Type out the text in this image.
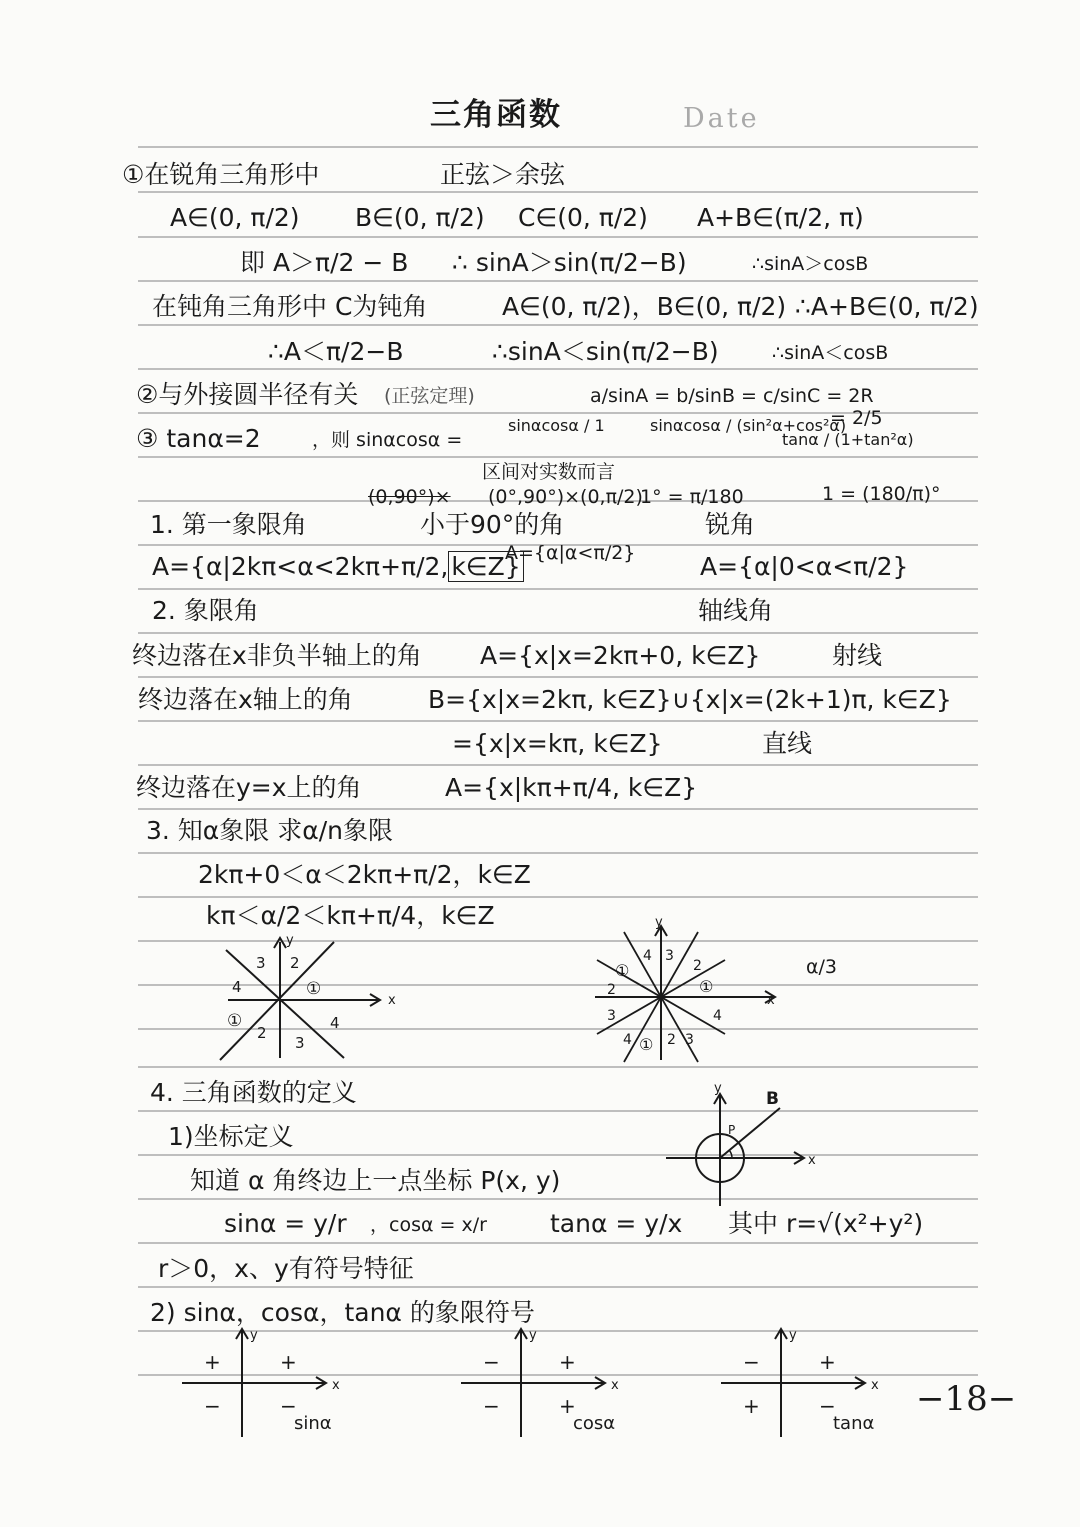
三角函数	Date
①在锐角三角形中	正弦＞余弦
A∈(0, π/2) B∈(0, π/2) C∈(0, π/2) A+B∈(π/2, π)
即 A＞π/2 − B ∴ sinA＞sin(π/2−B)	∴sinA＞cosB
在钝角三角形中 C为钝角	A∈(0, π/2)，B∈(0, π/2) ∴A+B∈(0, π/2)
∴A＜π/2−B	∴sinA＜sin(π/2−B)	∴sinA＜cosB
②与外接圆半径有关 (正弦定理)	a/sinA = b/sinB = c/sinC = 2R
③ tanα=2	，则 sinαcosα =
sinαcosα / 1	sinαcosα / (sin²α+cos²α)
tanα / (1+tan²α)
= 2/5
区间对实数而言
(0,90°)× (0°,90°)×(0,π/2)
1° = π/180	1 = (180/π)°
1. 第一象限角	小于90°的角	锐角
A={α|2kπ<α<2kπ+π/2, k∈Z}
A={α|α<π/2}	A={α|0<α<π/2}
2. 象限角	轴线角
终边落在x非负半轴上的角 A={x|x=2kπ+0, k∈Z}	射线
终边落在x轴上的角	B={x|x=2kπ, k∈Z}∪{x|x=(2k+1)π, k∈Z}
={x|x=kπ, k∈Z}	直线
终边落在y=x上的角	A={x|kπ+π/4, k∈Z}
3. 知α象限 求α/n象限
2kπ+0＜α＜2kπ+π/2，k∈Z
kπ＜α/2＜kπ+π/4，k∈Z
α/3
x
y
3 2
4	①
①	4
2
3
x
y
4 3
2
①
①
2
3	4
① 2 3
4
4. 三角函数的定义
1)坐标定义
知道 α 角终边上一点坐标 P(x, y)
sinα = y/r ，cosα = x/r	tanα = y/x 其中 r=√(x²+y²)
r＞0，x、y有符号特征
2) sinα，cosα，tanα 的象限符号
x
y
B
P
x
y
+
+
−	−
sinα
x
y
+
−
−	+
cosα
x
y
+
−
+	−
tanα
−18−
